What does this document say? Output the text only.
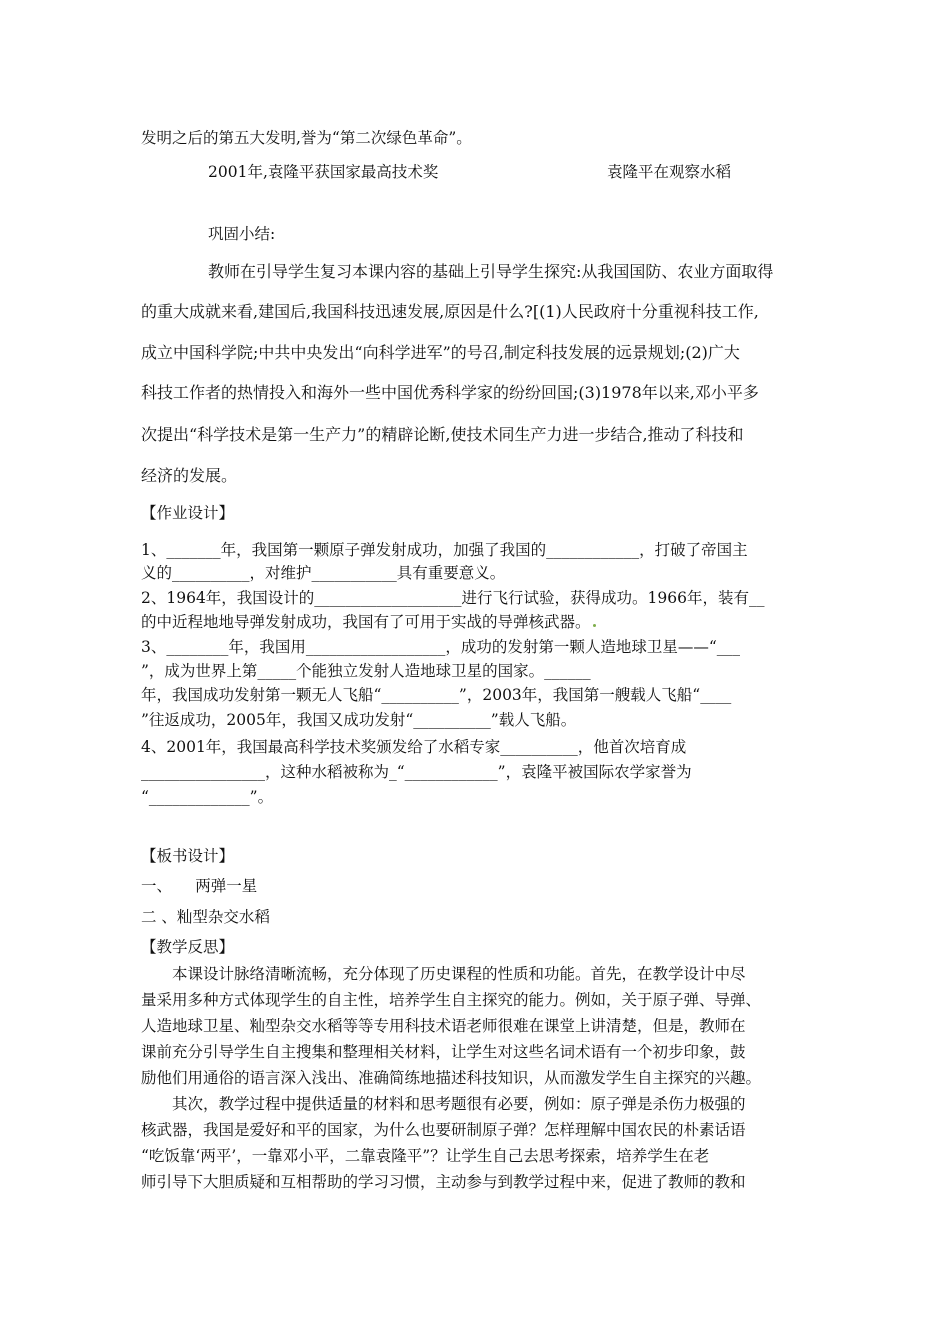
发明之后的第五大发明,誉为“第二次绿色革命”。
2001年,袁隆平获国家最高技术奖	袁隆平在观察水稻
巩固小结:
教师在引导学生复习本课内容的基础上引导学生探究:从我国国防、农业方面取得
的重大成就来看,建国后,我国科技迅速发展,原因是什么?[(1)人民政府十分重视科技工作,
成立中国科学院;中共中央发出“向科学进军”的号召,制定科技发展的远景规划;(2)广大
科技工作者的热情投入和海外一些中国优秀科学家的纷纷回国;(3)1978年以来,邓小平多
次提出“科学技术是第一生产力”的精辟论断,使技术同生产力进一步结合,推动了科技和
经济的发展。
【作业设计】
1、_______年，我国第一颗原子弹发射成功，加强了我国的____________，打破了帝国主
义的__________，对维护___________具有重要意义。
2、1964年，我国设计的___________________进行飞行试验，获得成功。1966年，装有__
的中近程地地导弹发射成功，我国有了可用于实战的导弹核武器。
3、________年，我国用__________________，成功的发射第一颗人造地球卫星——“___
”，成为世界上第_____个能独立发射人造地球卫星的国家。______
年，我国成功发射第一颗无人飞船“__________”，2003年，我国第一艘载人飞船“____
”往返成功，2005年，我国又成功发射“__________”载人飞船。
4、2001年，我国最高科学技术奖颁发给了水稻专家__________，他首次培育成
________________，这种水稻被称为_“____________”，袁隆平被国际农学家誉为
“_____________”。
【板书设计】
一、　　两弹一星
二 、籼型杂交水稻
【教学反思】
本课设计脉络清晰流畅，充分体现了历史课程的性质和功能。首先，在教学设计中尽
量采用多种方式体现学生的自主性，培养学生自主探究的能力。例如，关于原子弹、导弹、
人造地球卫星、籼型杂交水稻等等专用科技术语老师很难在课堂上讲清楚，但是，教师在
课前充分引导学生自主搜集和整理相关材料，让学生对这些名词术语有一个初步印象，鼓
励他们用通俗的语言深入浅出、准确简练地描述科技知识，从而激发学生自主探究的兴趣。
其次，教学过程中提供适量的材料和思考题很有必要，例如：原子弹是杀伤力极强的
核武器，我国是爱好和平的国家，为什么也要研制原子弹？怎样理解中国农民的朴素话语
“吃饭靠‘两平’，一靠邓小平，二靠袁隆平”？让学生自己去思考探索，培养学生在老
师引导下大胆质疑和互相帮助的学习习惯，主动参与到教学过程中来，促进了教师的教和
